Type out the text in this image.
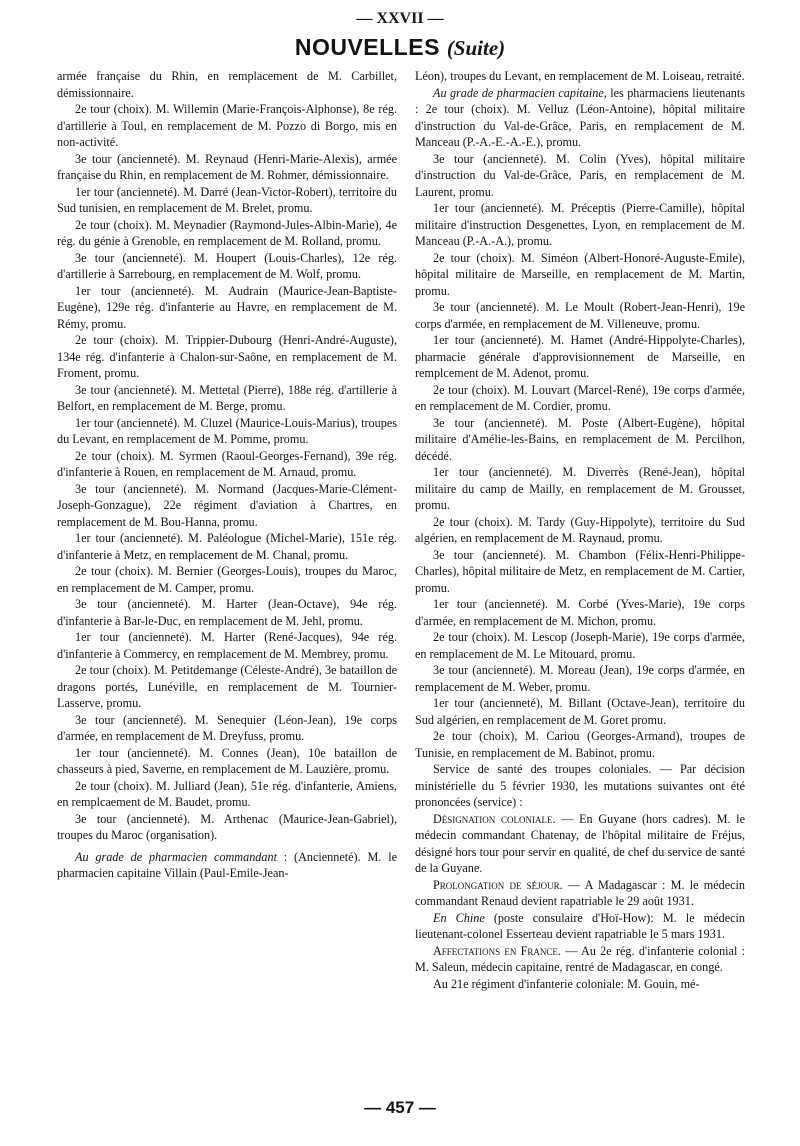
— XXVII —
NOUVELLES (Suite)

armée française du Rhin, en remplacement de M. Carbillet, démissionnaire.

2e tour (choix). M. Willemin (Marie-François-Alphonse), 8e rég. d'artillerie à Toul, en remplacement de M. Pozzo di Borgo, mis en non-activité.

3e tour (ancienneté). M. Reynaud (Henri-Marie-Alexis), armée française du Rhin, en remplacement de M. Rohmer, démissionnaire.

1er tour (ancienneté). M. Darré (Jean-Victor-Robert), territoire du Sud tunisien, en remplacement de M. Brelet, promu.

2e tour (choix). M. Meynadier (Raymond-Jules-Albin-Marie), 4e rég. du génie à Grenoble, en remplacement de M. Rolland, promu.

3e tour (ancienneté). M. Houpert (Louis-Charles), 12e rég. d'artillerie à Sarrebourg, en remplacement de M. Wolf, promu.

1er tour (ancienneté). M. Audrain (Maurice-Jean-Baptiste-Eugène), 129e rég. d'infanterie au Havre, en remplacement de M. Rémy, promu.

2e tour (choix). M. Trippier-Dubourg (Henri-André-Auguste), 134e rég. d'infanterie à Chalon-sur-Saône, en remplacement de M. Froment, promu.

3e tour (ancienneté). M. Mettetal (Pierre), 188e rég. d'artillerie à Belfort, en remplacement de M. Berge, promu.

1er tour (ancienneté). M. Cluzel (Maurice-Louis-Marius), troupes du Levant, en remplacement de M. Pomme, promu.

2e tour (choix). M. Syrmen (Raoul-Georges-Fernand), 39e rég. d'infanterie à Rouen, en remplacement de M. Arnaud, promu.

3e tour (ancienneté). M. Normand (Jacques-Marie-Clément-Joseph-Gonzague), 22e régiment d'aviation à Chartres, en remplacement de M. Bou-Hanna, promu.

1er tour (ancienneté). M. Paléologue (Michel-Marie), 151e rég. d'infanterie à Metz, en remplacement de M. Chanal, promu.

2e tour (choix). M. Bernier (Georges-Louis), troupes du Maroc, en remplacement de M. Camper, promu.

3e tour (ancienneté). M. Harter (Jean-Octave), 94e rég. d'infanterie à Bar-le-Duc, en remplacement de M. Jehl, promu.

1er tour (ancienneté). M. Harter (René-Jacques), 94e rég. d'infanterie à Commercy, en remplacement de M. Membrey, promu.

2e tour (choix). M. Petitdemange (Céleste-André), 3e bataillon de dragons portés, Lunéville, en remplacement de M. Tournier-Lasserve, promu.

3e tour (ancienneté). M. Senequier (Léon-Jean), 19e corps d'armée, en remplacement de M. Dreyfuss, promu.

1er tour (ancienneté). M. Connes (Jean), 10e bataillon de chasseurs à pied, Saverne, en remplacement de M. Lauzière, promu.

2e tour (choix). M. Julliard (Jean), 51e rég. d'infanterie, Amiens, en remplcaement de M. Baudet, promu.

3e tour (ancienneté). M. Arthenac (Maurice-Jean-Gabriel), troupes du Maroc (organisation).

Au grade de pharmacien commandant : (Ancienneté). M. le pharmacien capitaine Villain (Paul-Emile-Jean-

Léon), troupes du Levant, en remplacement de M. Loiseau, retraité.

Au grade de pharmacien capitaine, les pharmaciens lieutenants : 2e tour (choix). M. Velluz (Léon-Antoine), hôpital militaire d'instruction du Val-de-Grâce, Paris, en remplacement de M. Manceau (P.-A.-E.-A.-E.), promu.

3e tour (ancienneté). M. Colin (Yves), hôpital militaire d'instruction du Val-de-Grâce, Paris, en remplacement de M. Laurent, promu.

1er tour (ancienneté). M. Préceptis (Pierre-Camille), hôpital militaire d'instruction Desgenettes, Lyon, en remplacement de M. Manceau (P.-A.-A.), promu.

2e tour (choix). M. Siméon (Albert-Honoré-Auguste-Emile), hôpital militaire de Marseille, en remplacement de M. Martin, promu.

3e tour (ancienneté). M. Le Moult (Robert-Jean-Henri), 19e corps d'armée, en remplacement de M. Villeneuve, promu.

1er tour (ancienneté). M. Hamet (André-Hippolyte-Charles), pharmacie générale d'approvisionnement de Marseille, en remplcement de M. Adenot, promu.

2e tour (choix). M. Louvart (Marcel-René), 19e corps d'armée, en remplacement de M. Cordier, promu.

3e tour (ancienneté). M. Poste (Albert-Eugène), hôpital militaire d'Amélie-les-Bains, en remplacement de M. Percilhon, décédé.

1er tour (ancienneté). M. Diverrès (René-Jean), hôpital militaire du camp de Mailly, en remplacement de M. Grousset, promu.

2e tour (choix). M. Tardy (Guy-Hippolyte), territoire du Sud algérien, en remplacement de M. Raynaud, promu.

3e tour (ancienneté). M. Chambon (Félix-Henri-Philippe-Charles), hôpital militaire de Metz, en remplacement de M. Cartier, promu.

1er tour (ancienneté). M. Corbé (Yves-Marie), 19e corps d'armée, en remplacement de M. Michon, promu.

2e tour (choix). M. Lescop (Joseph-Marie), 19e corps d'armée, en remplacement de M. Le Mitouard, promu.

3e tour (ancienneté). M. Moreau (Jean), 19e corps d'armée, en remplacement de M. Weber, promu.

1er tour (ancienneté), M. Billant (Octave-Jean), territoire du Sud algérien, en remplacement de M. Goret promu.

2e tour (choix), M. Cariou (Georges-Armand), troupes de Tunisie, en remplacement de M. Babinot, promu.

Service de santé des troupes coloniales. — Par décision ministérielle du 5 février 1930, les mutations suivantes ont été prononcées (service) :

Désignation coloniale. — En Guyane (hors cadres). M. le médecin commandant Chatenay, de l'hôpital militaire de Fréjus, désigné hors tour pour servir en qualité, de chef du service de santé de la Guyane.

Prolongation de séjour. — A Madagascar : M. le médecin commandant Renaud devient rapatriable le 29 août 1931.

En Chine (poste consulaire d'Hoï-How): M. le médecin lieutenant-colonel Esserteau devient rapatriable le 5 mars 1931.

Affectations en France. — Au 2e rég. d'infanterie colonial : M. Saleun, médecin capitaine, rentré de Madagascar, en congé.

Au 21e régiment d'infanterie coloniale: M. Gouin, mé-

— 457 —
